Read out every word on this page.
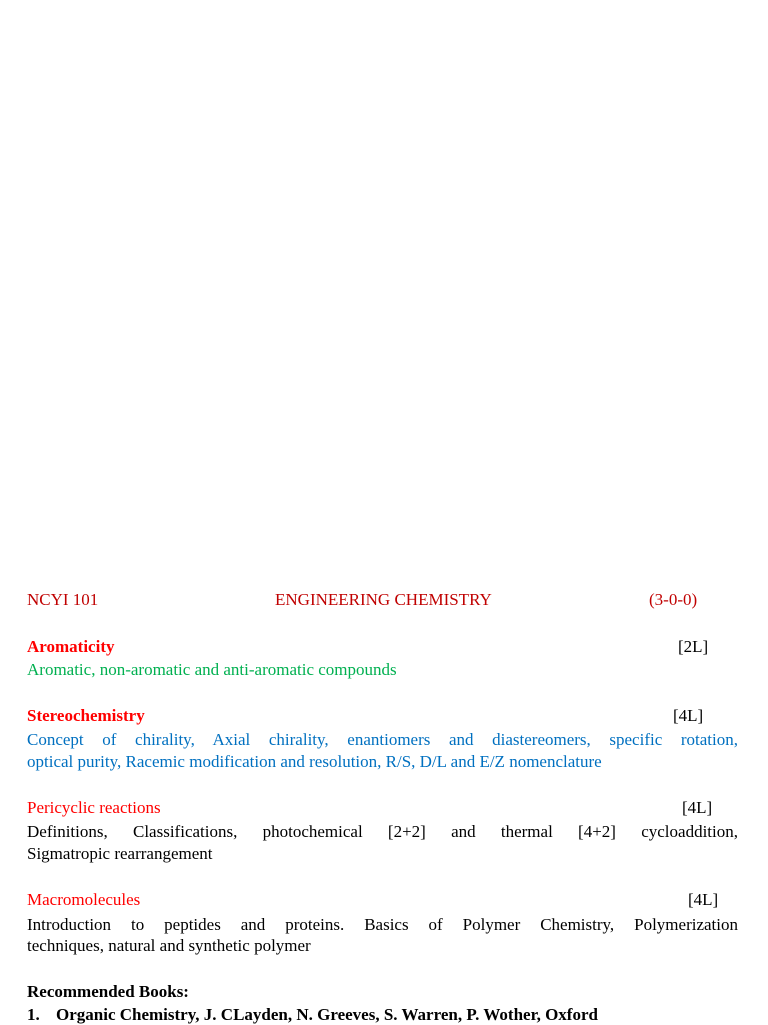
NCYI 101	ENGINEERING CHEMISTRY	(3-0-0)
Aromaticity	[2L]
Aromatic, non-aromatic and anti-aromatic compounds
Stereochemistry	[4L]
Concept of chirality, Axial chirality, enantiomers and diastereomers, specific rotation,
optical purity, Racemic modification and resolution, R/S, D/L and E/Z nomenclature
Pericyclic reactions	[4L]
Definitions, Classifications, photochemical [2+2] and thermal [4+2] cycloaddition,
Sigmatropic rearrangement
Macromolecules	[4L]
Introduction to peptides and proteins. Basics of Polymer Chemistry, Polymerization
techniques, natural and synthetic polymer
Recommended Books:
1. Organic Chemistry, J. CLayden, N. Greeves, S. Warren, P. Wother, Oxford
